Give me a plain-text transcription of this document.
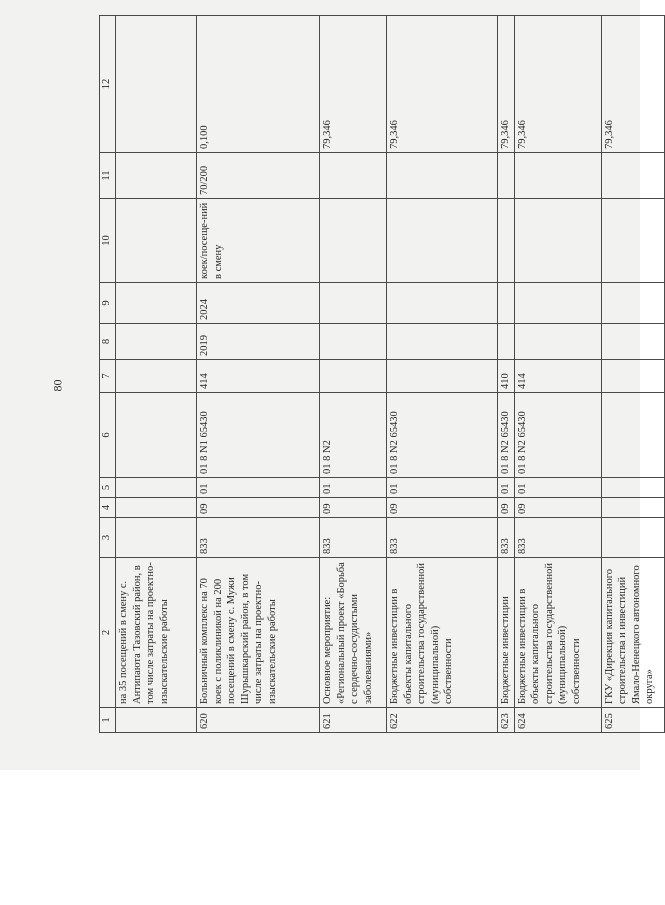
80
1	2	3	4	5	6	7	8	9	10	11	12
	на 35 посещений в смену с. Антипаюта Тазовский район, в том числе затраты на проектно-изыскательские работы										
620	Больничный комплекс на 70 коек с поликлиникой на 200 посещений в смену с. Мужи Шурышкарский район, в том числе затраты на проектно-изыскательские работы	833	09	01	01 8 N1 65430	414	2019	2024	коек/посеще-ний в смену	70/200	0,100
621	Основное мероприятие: «Региональный проект «Борьба с сердечно-сосудистыми заболеваниями»	833	09	01	01 8 N2						79,346
622	Бюджетные инвестиции в объекты капитального строительства государственной (муниципальной) собственности	833	09	01	01 8 N2 65430						79,346
623	Бюджетные инвестиции	833	09	01	01 8 N2 65430	410					79,346
624	Бюджетные инвестиции в объекты капитального строительства государственной (муниципальной) собственности	833	09	01	01 8 N2 65430	414					79,346
625	ГКУ «Дирекция капитального строительства и инвестиций Ямало-Ненецкого автономного округа»										79,346
